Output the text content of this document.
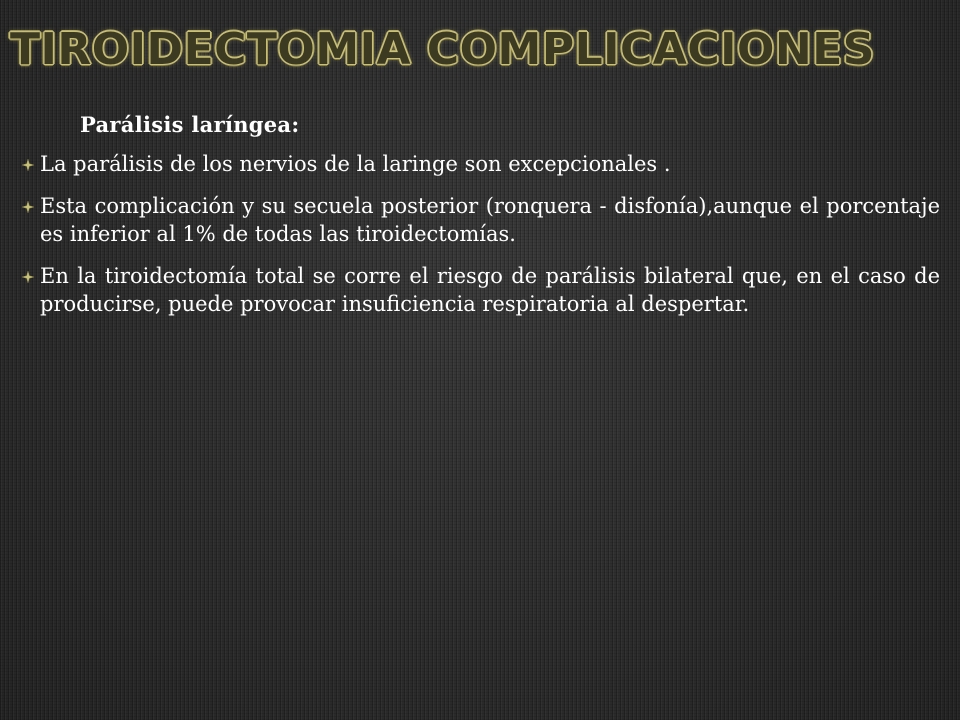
TIROIDECTOMIA COMPLICACIONES
Parálisis laríngea:
La parálisis de los nervios de la laringe son excepcionales .
Esta complicación y su secuela posterior (ronquera - disfonía),aunque el porcentaje es inferior al 1% de todas las tiroidectomías.
En la tiroidectomía total se corre el riesgo de parálisis bilateral que, en el caso de producirse, puede provocar insuficiencia respiratoria al despertar.
